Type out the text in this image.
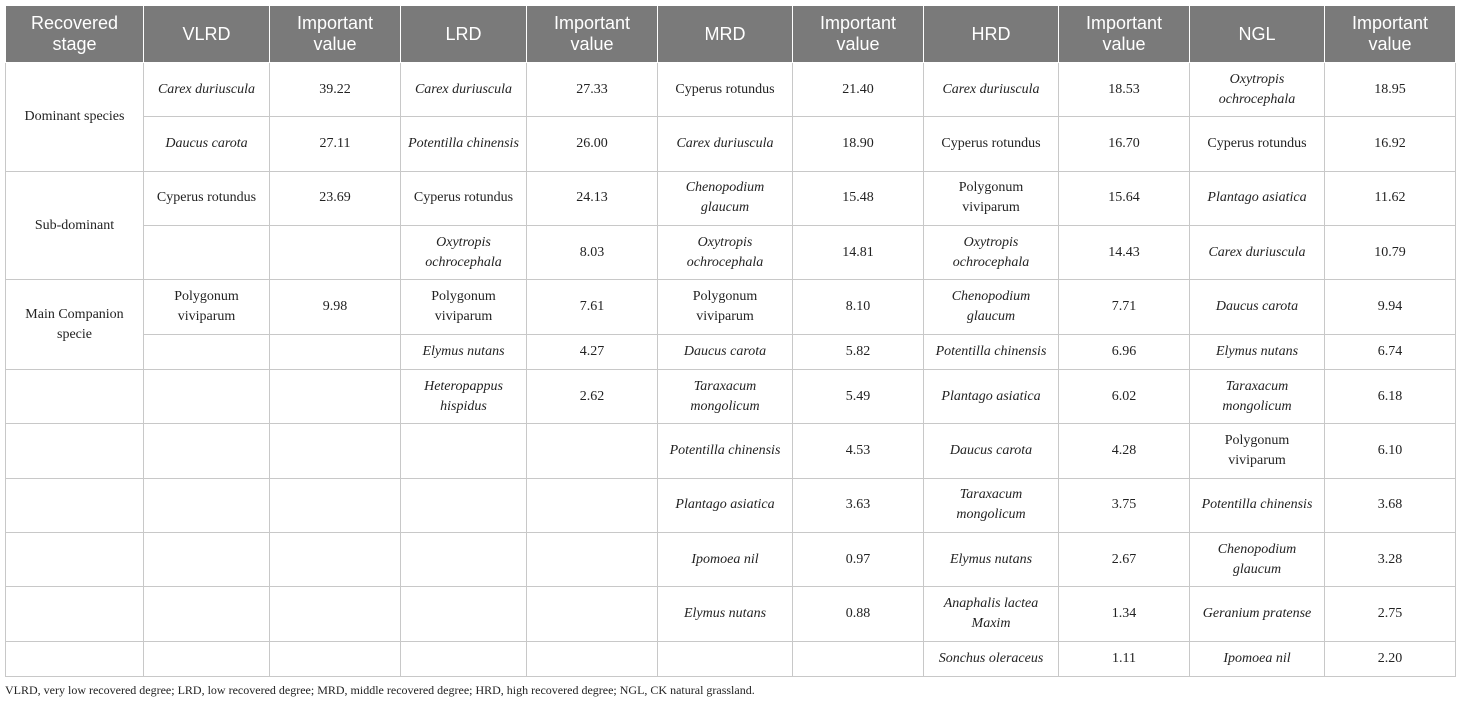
Recovered stage	VLRD	Important value	LRD	Important value	MRD	Important value	HRD	Important value	NGL	Important value
Dominant species	Carex duriuscula	39.22	Carex duriuscula	27.33	Cyperus rotundus	21.40	Carex duriuscula	18.53	Oxytropis ochrocephala	18.95
	Daucus carota	27.11	Potentilla chinensis	26.00	Carex duriuscula	18.90	Cyperus rotundus	16.70	Cyperus rotundus	16.92
Sub-dominant	Cyperus rotundus	23.69	Cyperus rotundus	24.13	Chenopodium glaucum	15.48	Polygonum viviparum	15.64	Plantago asiatica	11.62
			Oxytropis ochrocephala	8.03	Oxytropis ochrocephala	14.81	Oxytropis ochrocephala	14.43	Carex duriuscula	10.79
Main Companion specie	Polygonum viviparum	9.98	Polygonum viviparum	7.61	Polygonum viviparum	8.10	Chenopodium glaucum	7.71	Daucus carota	9.94
			Elymus nutans	4.27	Daucus carota	5.82	Potentilla chinensis	6.96	Elymus nutans	6.74
			Heteropappus hispidus	2.62	Taraxacum mongolicum	5.49	Plantago asiatica	6.02	Taraxacum mongolicum	6.18
					Potentilla chinensis	4.53	Daucus carota	4.28	Polygonum viviparum	6.10
					Plantago asiatica	3.63	Taraxacum mongolicum	3.75	Potentilla chinensis	3.68
					Ipomoea nil	0.97	Elymus nutans	2.67	Chenopodium glaucum	3.28
					Elymus nutans	0.88	Anaphalis lactea Maxim	1.34	Geranium pratense	2.75
							Sonchus oleraceus	1.11	Ipomoea nil	2.20
VLRD, very low recovered degree; LRD, low recovered degree; MRD, middle recovered degree; HRD, high recovered degree; NGL, CK natural grassland.
